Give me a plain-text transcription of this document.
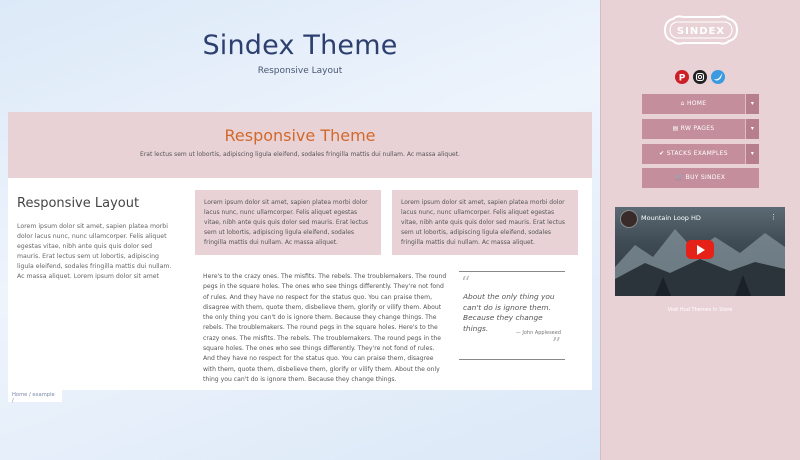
Sindex Theme
Responsive Layout
Responsive Theme
Erat lectus sem ut lobortis, adipiscing ligula eleifend, sodales fringilla mattis dui nullam. Ac massa aliquet.
Responsive Layout
Lorem ipsum dolor sit amet, sapien platea morbi dolor lacus nunc, nunc ullamcorper. Felis aliquet egestas vitae, nibh ante quis quis dolor sed mauris. Erat lectus sem ut lobortis, adipiscing ligula eleifend, sodales fringilla mattis dui nullam. Ac massa aliquet. Lorem ipsum dolor sit amet
Lorem ipsum dolor sit amet, sapien platea morbi dolor lacus nunc, nunc ullamcorper. Felis aliquet egestas vitae, nibh ante quis quis dolor sed mauris. Erat lectus sem ut lobortis, adipiscing ligula eleifend, sodales fringilla mattis dui nullam. Ac massa aliquet.
Lorem ipsum dolor sit amet, sapien platea morbi dolor lacus nunc, nunc ullamcorper. Felis aliquet egestas vitae, nibh ante quis quis dolor sed mauris. Erat lectus sem ut lobortis, adipiscing ligula eleifend, sodales fringilla mattis dui nullam. Ac massa aliquet.
Here's to the crazy ones. The misfits. The rebels. The troublemakers. The round pegs in the square holes. The ones who see things differently. They're not fond of rules. And they have no respect for the status quo. You can praise them, disagree with them, quote them, disbelieve them, glorify or vilify them. About the only thing you can't do is ignore them. Because they change things. The rebels. The troublemakers. The round pegs in the square holes. Here's to the crazy ones. The misfits. The rebels. The troublemakers. The round pegs in the square holes. The ones who see things differently. They're not fond of rules. And they have no respect for the status quo. You can praise them, disagree with them, quote them, disbelieve them, glorify or vilify them. About the only thing you can't do is ignore them. Because they change things.
“
About the only thing you can't do is ignore them. Because they change things.
— John Appleseed
”
Home / example /
SINDEX
P
⌂ HOME	▾
▤ RW PAGES	▾
✔ STACKS EXAMPLES	▾
🛒 BUY SINDEX
Mountain Loop HD	⋮
Visit Hud Themes In Store
